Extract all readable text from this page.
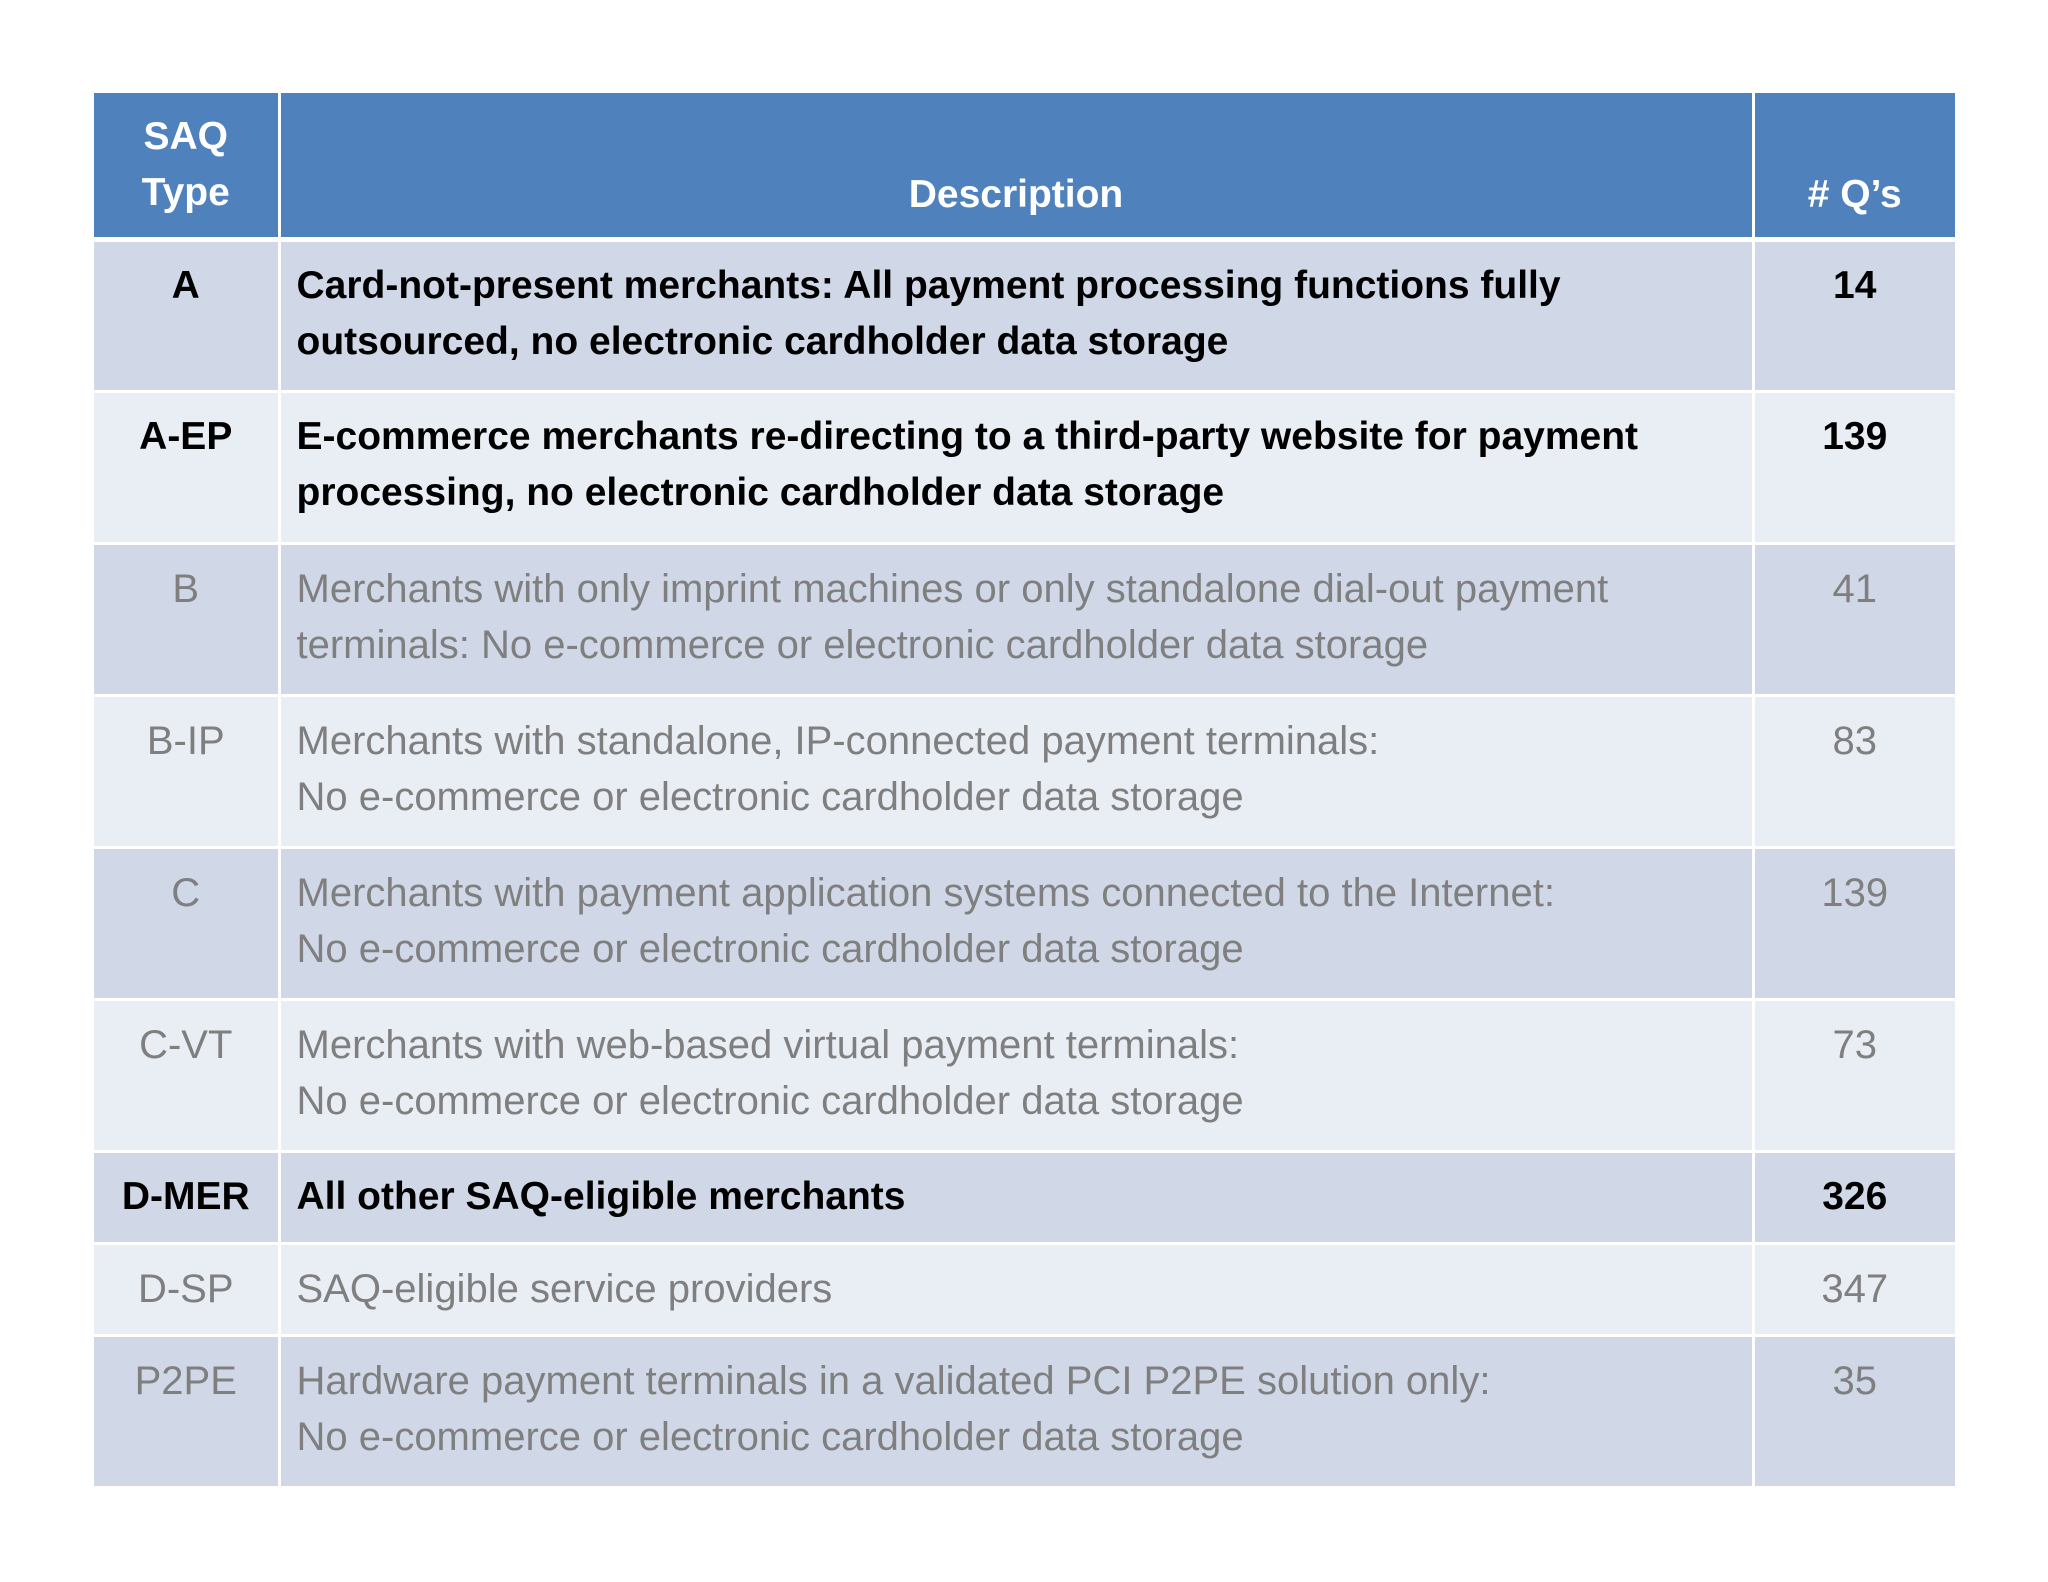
SAQ
Type	Description	# Q’s
A	Card-not-present merchants: All payment processing functions fully
outsourced, no electronic cardholder data storage	14
A-EP	E-commerce merchants re-directing to a third-party website for payment
processing, no electronic cardholder data storage	139
B	Merchants with only imprint machines or only standalone dial-out payment
terminals: No e-commerce or electronic cardholder data storage	41
B-IP	Merchants with standalone, IP-connected payment terminals:
No e-commerce or electronic cardholder data storage	83
C	Merchants with payment application systems connected to the Internet:
No e-commerce or electronic cardholder data storage	139
C-VT	Merchants with web-based virtual payment terminals:
No e-commerce or electronic cardholder data storage	73
D-MER	All other SAQ-eligible merchants	326
D-SP	SAQ-eligible service providers	347
P2PE	Hardware payment terminals in a validated PCI P2PE solution only:
No e-commerce or electronic cardholder data storage	35
